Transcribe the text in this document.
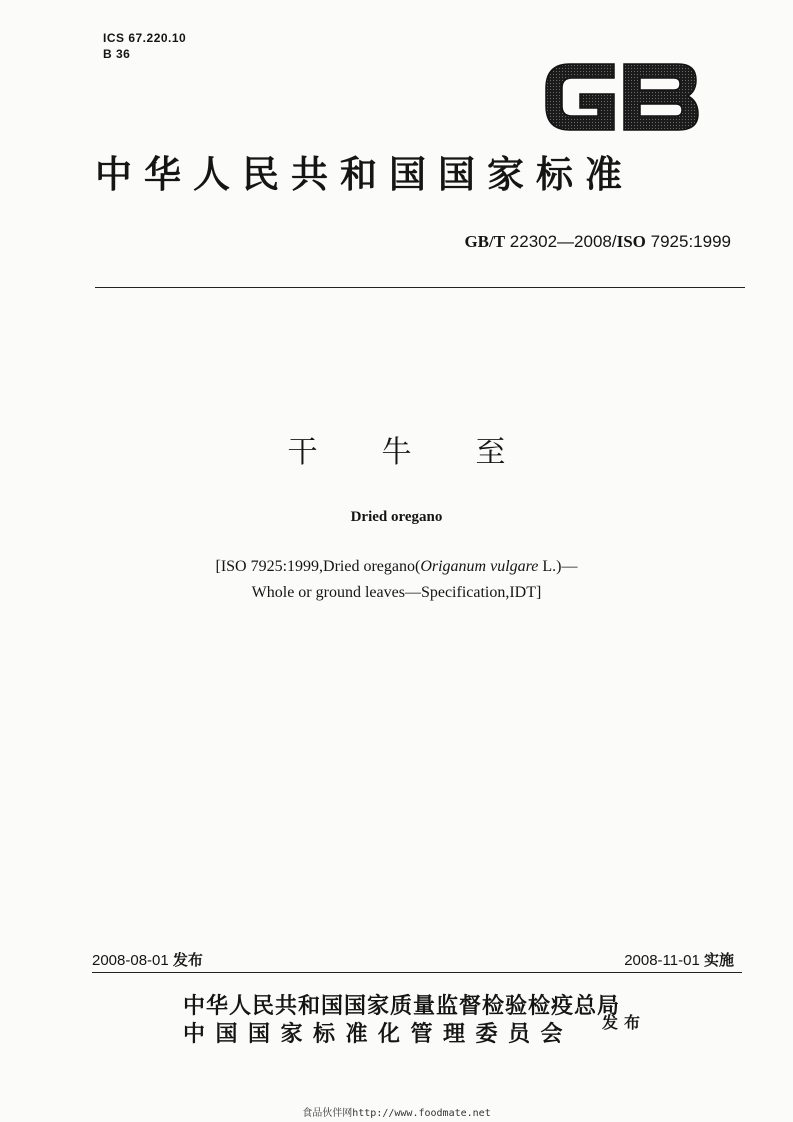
ICS 67.220.10
B 36
中华人民共和国国家标准
GB/T 22302—2008/ISO 7925:1999
干 牛 至
Dried oregano
[ISO 7925:1999,Dried oregano(Origanum vulgare L.)—
Whole or ground leaves—Specification,IDT]
2008-08-01 发布	2008-11-01 实施
中华人民共和国国家质量监督检验检疫总局
中国国家标准化管理委员会 发布
食品伙伴网http://www.foodmate.net
